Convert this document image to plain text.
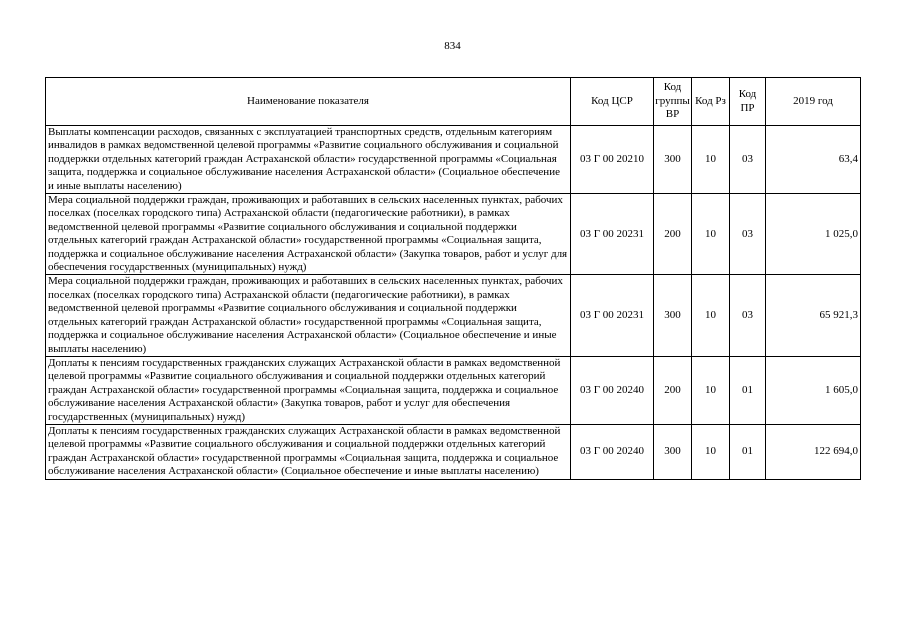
834
Наименование показателя	Код ЦСР	Код группы ВР	Код Рз	Код ПР	2019 год
Выплаты компенсации расходов, связанных с эксплуатацией транспортных средств, отдельным категориям инвалидов в рамках ведомственной целевой программы «Развитие социального обслуживания и социальной поддержки отдельных категорий граждан Астраханской области» государственной программы «Социальная защита, поддержка и социальное обслуживание населения Астраханской области» (Социальное обеспечение и иные выплаты населению)	03 Г 00 20210	300	10	03	63,4
Мера социальной поддержки граждан, проживающих и работавших в сельских населенных пунктах, рабочих поселках (поселках городского типа) Астраханской области (педагогические работники), в рамках ведомственной целевой программы «Развитие социального обслуживания и социальной поддержки отдельных категорий граждан Астраханской области» государственной программы «Социальная защита, поддержка и социальное обслуживание населения Астраханской области» (Закупка товаров, работ и услуг для обеспечения государственных (муниципальных) нужд)	03 Г 00 20231	200	10	03	1 025,0
Мера социальной поддержки граждан, проживающих и работавших в сельских населенных пунктах, рабочих поселках (поселках городского типа) Астраханской области (педагогические работники), в рамках ведомственной целевой программы «Развитие социального обслуживания и социальной поддержки отдельных категорий граждан Астраханской области» государственной программы «Социальная защита, поддержка и социальное обслуживание населения Астраханской области» (Социальное обеспечение и иные выплаты населению)	03 Г 00 20231	300	10	03	65 921,3
Доплаты к пенсиям государственных гражданских служащих Астраханской области в рамках ведомственной целевой программы «Развитие социального обслуживания и социальной поддержки отдельных категорий граждан Астраханской области» государственной программы «Социальная защита, поддержка и социальное обслуживание населения Астраханской области» (Закупка товаров, работ и услуг для обеспечения государственных (муниципальных) нужд)	03 Г 00 20240	200	10	01	1 605,0
Доплаты к пенсиям государственных гражданских служащих Астраханской области в рамках ведомственной целевой программы «Развитие социального обслуживания и социальной поддержки отдельных категорий граждан Астраханской области» государственной программы «Социальная защита, поддержка и социальное обслуживание населения Астраханской области» (Социальное обеспечение и иные выплаты населению)	03 Г 00 20240	300	10	01	122 694,0
